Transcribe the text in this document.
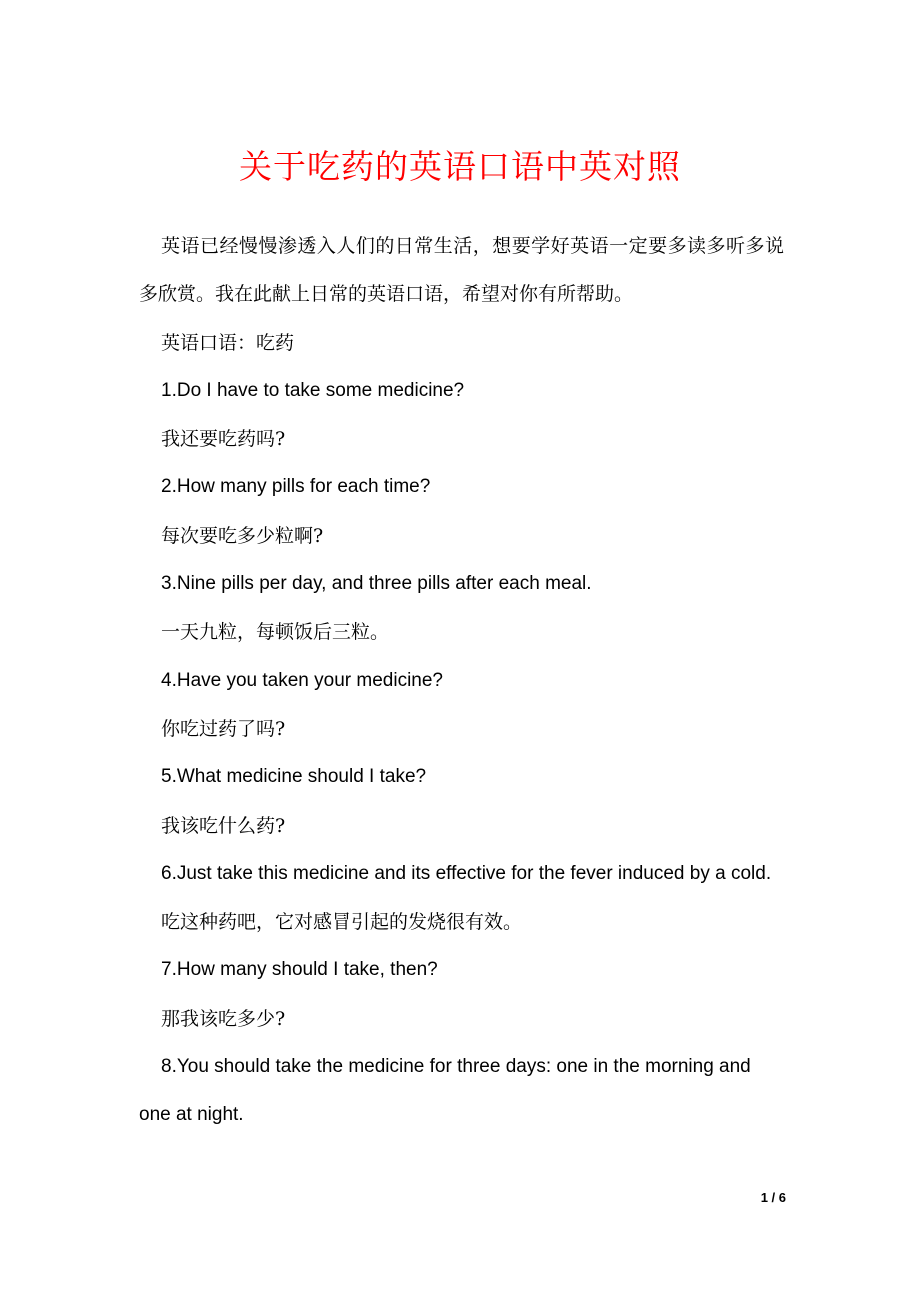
关于吃药的英语口语中英对照

英语已经慢慢渗透入人们的日常生活，想要学好英语一定要多读多听多说多欣赏。我在此献上日常的英语口语，希望对你有所帮助。

英语口语：吃药

1.Do I have to take some medicine?

我还要吃药吗?

2.How many pills for each time?

每次要吃多少粒啊?

3.Nine pills per day, and three pills after each meal.

一天九粒，每顿饭后三粒。

4.Have you taken your medicine?

你吃过药了吗?

5.What medicine should I take?

我该吃什么药?

6.Just take this medicine and its effective for the fever induced by a cold.

吃这种药吧，它对感冒引起的发烧很有效。

7.How many should I take, then?

那我该吃多少?

8.You should take the medicine for three days: one in the morning and one at night.

1 / 6
